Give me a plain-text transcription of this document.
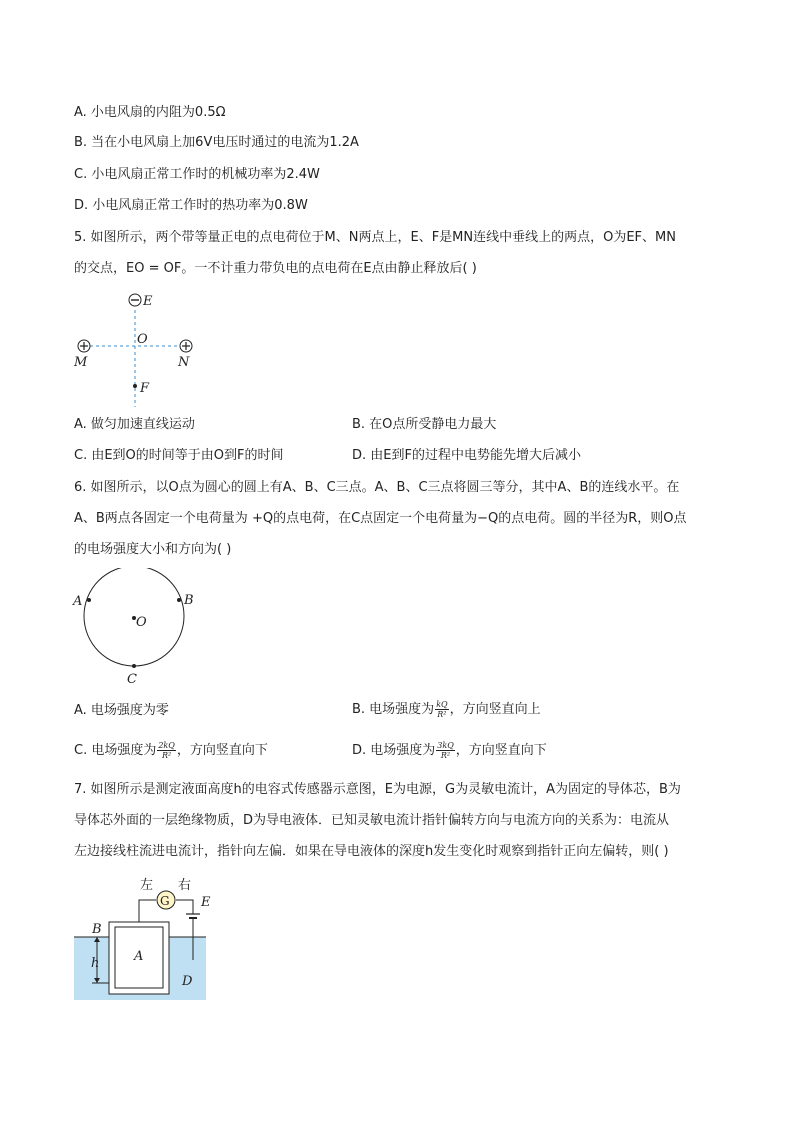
A. 小电风扇的内阻为0.5Ω
B. 当在小电风扇上加6V电压时通过的电流为1.2A
C. 小电风扇正常工作时的机械功率为2.4W
D. 小电风扇正常工作时的热功率为0.8W
5. 如图所示，两个带等量正电的点电荷位于M、N两点上，E、F是MN连线中垂线上的两点，O为EF、MN
的交点，EO = OF。一不计重力带负电的点电荷在E点由静止释放后( )
E
O
M	N
F
A. 做匀加速直线运动	B. 在O点所受静电力最大
C. 由E到O的时间等于由O到F的时间	D. 由E到F的过程中电势能先增大后减小
6. 如图所示，以O点为圆心的圆上有A、B、C三点。A、B、C三点将圆三等分，其中A、B的连线水平。在
A、B两点各固定一个电荷量为 +Q的点电荷，在C点固定一个电荷量为−Q的点电荷。圆的半径为R，则O点
的电场强度大小和方向为( )
A	B
O
C
A. 电场强度为零	B. 电场强度为 $\frac{kQ}{\text{R²}}$ ，方向竖直向上
C. 电场强度为 $\frac{2kQ}{\text{R²}}$ ，方向竖直向下	D. 电场强度为 $\frac{3kQ}{\text{R²}}$ ，方向竖直向下
7. 如图所示是测定液面高度h的电容式传感器示意图，E为电源，G为灵敏电流计，A为固定的导体芯，B为
导体芯外面的一层绝缘物质，D为导电液体．已知灵敏电流计指针偏转方向与电流方向的关系为：电流从
左边接线柱流进电流计，指针向左偏．如果在导电液体的深度h发生变化时观察到指针正向左偏转，则( )
左 右
G E
B
h	A
D
